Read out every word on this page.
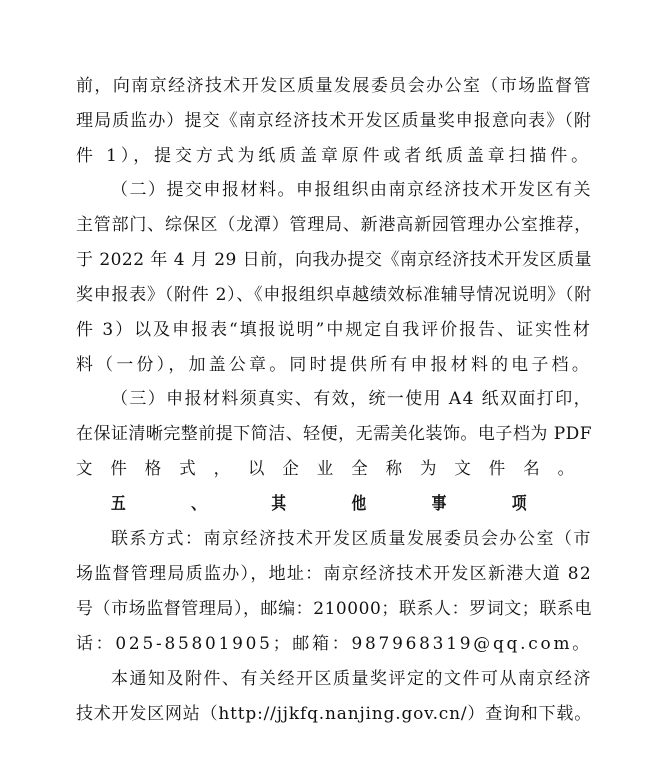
前，向南京经济技术开发区质量发展委员会办公室（市场监督管
理局质监办）提交《南京经济技术开发区质量奖申报意向表》（附
件 1），提交方式为纸质盖章原件或者纸质盖章扫描件。
（二）提交申报材料。申报组织由南京经济技术开发区有关
主管部门、综保区（龙潭）管理局、新港高新园管理办公室推荐，
于 2022 年 4 月 29 日前，向我办提交《南京经济技术开发区质量
奖申报表》（附件 2）、《申报组织卓越绩效标准辅导情况说明》（附
件 3）以及申报表“填报说明”中规定自我评价报告、证实性材
料（一份），加盖公章。同时提供所有申报材料的电子档。
（三）申报材料须真实、有效，统一使用 A4 纸双面打印，
在保证清晰完整前提下简洁、轻便，无需美化装饰。电子档为 PDF
文件格式，以企业全称为文件名。
五、其他事项
联系方式：南京经济技术开发区质量发展委员会办公室（市
场监督管理局质监办），地址：南京经济技术开发区新港大道 82
号（市场监督管理局），邮编：210000；联系人：罗词文；联系电
话：025-85801905；邮箱：987968319@qq.com。
本通知及附件、有关经开区质量奖评定的文件可从南京经济
技术开发区网站（http://jjkfq.nanjing.gov.cn/）查询和下载。
